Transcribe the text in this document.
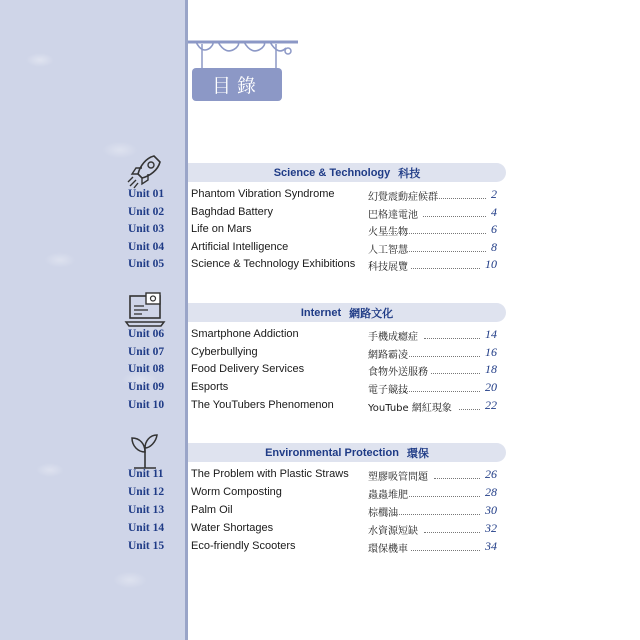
目錄
Science & Technology 科技
Internet 網路文化
Environmental Protection 環保
Unit 01 Phantom Vibration Syndrome	幻覺震動症候群	2
Unit 02 Baghdad Battery	巴格達電池	4
Unit 03 Life on Mars	火星生物	6
Unit 04 Artificial Intelligence	人工智慧	8
Unit 05 Science & Technology Exhibitions 科技展覽	10
Unit 06 Smartphone Addiction	手機成癮症	14
Unit 07 Cyberbullying	網路霸凌	16
Unit 08 Food Delivery Services	食物外送服務	18
Unit 09 Esports	電子競技	20
Unit 10 The YouTubers Phenomenon	YouTube 網紅現象	22
Unit 11	The Problem with Plastic Straws 塑膠吸管問題	26
Unit 12 Worm Composting	蟲蟲堆肥	28
Unit 13 Palm Oil	棕櫚油	30
Unit 14 Water Shortages	水資源短缺	32
Unit 15 Eco-friendly Scooters	環保機車	34
